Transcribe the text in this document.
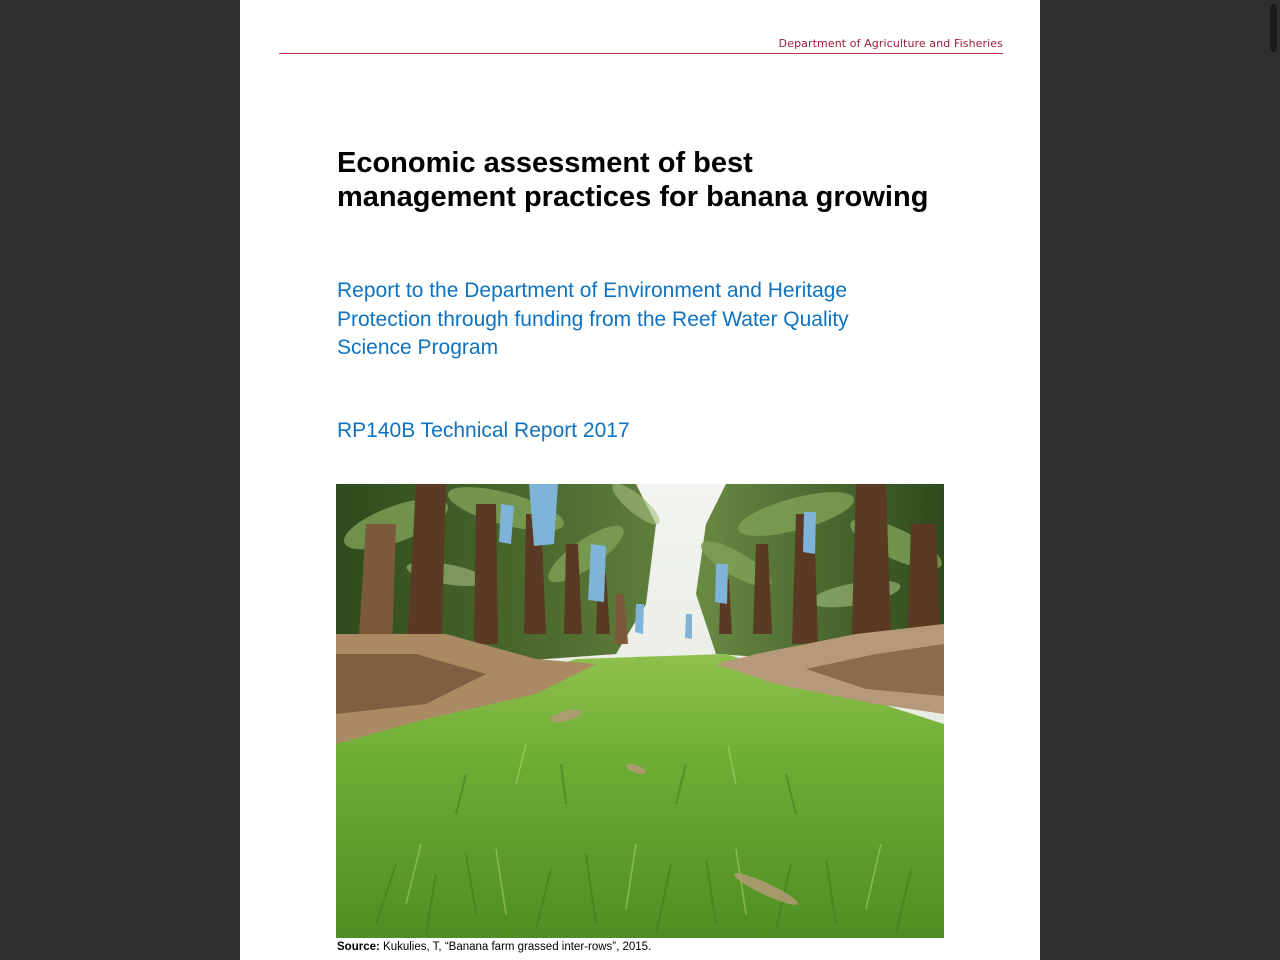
Department of Agriculture and Fisheries
Economic assessment of best
management practices for banana growing
Report to the Department of Environment and Heritage
Protection through funding from the Reef Water Quality
Science Program
RP140B Technical Report 2017
Source: Kukulies, T, “Banana farm grassed inter-rows”, 2015.
